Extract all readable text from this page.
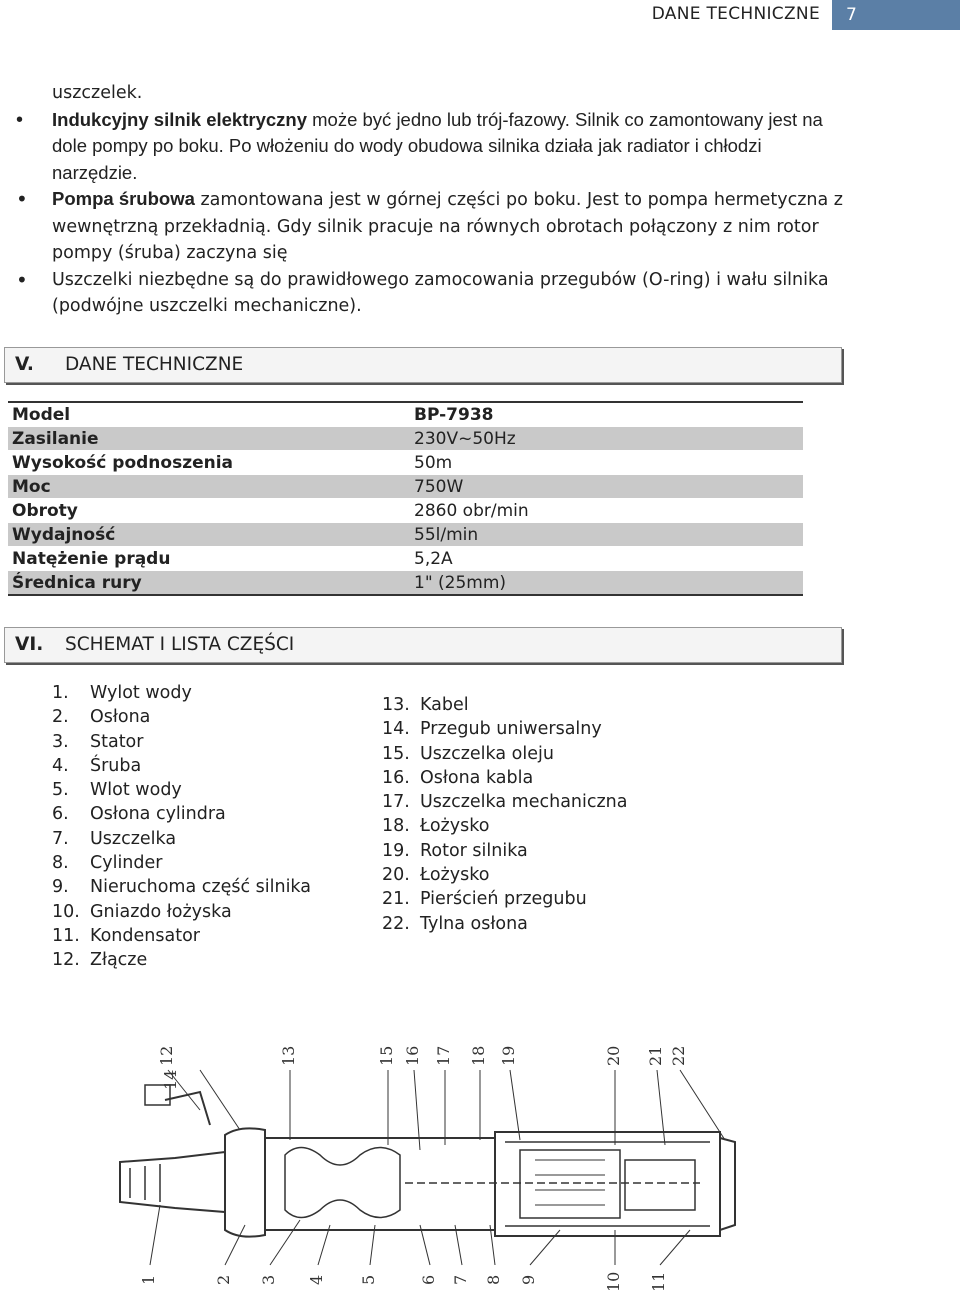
DANE TECHNICZNE	7

uszczelek.

• Indukcyjny silnik elektryczny może być jedno lub trój-fazowy. Silnik co zamontowany jest na dole pompy po boku. Po włożeniu do wody obudowa silnika działa jak radiator i chłodzi narzędzie.

• Pompa śrubowa zamontowana jest w górnej części po boku. Jest to pompa hermetyczna z wewnętrzną przekładnią. Gdy silnik pracuje na równych obrotach połączony z nim rotor pompy (śruba) zaczyna się

• Uszczelki niezbędne są do prawidłowego zamocowania przegubów (O-ring) i wału silnika (podwójne uszczelki mechaniczne).

V. DANE TECHNICZNE
Model	BP-7938
Zasilanie	230V~50Hz
Wysokość podnoszenia	50m
Moc	750W
Obroty	2860 obr/min
Wydajność	55l/min
Natężenie prądu	5,2A
Średnica rury	1" (25mm)
VI. SCHEMAT I LISTA CZĘŚCI
1. Wylot wody
2. Osłona
3. Stator
4. Śruba
5. Wlot wody
6. Osłona cylindra
7. Uszczelka
8. Cylinder
9. Nieruchoma część silnika
10. Gniazdo łożyska
11. Kondensator
12. Złącze
13. Kabel
14. Przegub uniwersalny
15. Uszczelka oleju
16. Osłona kabla
17. Uszczelka mechaniczna
18. Łożysko
19. Rotor silnika
20. Łożysko
21. Pierścień przegubu
22. Tylna osłona
12
14
13	15 16 17 18 19	20 21 22
1	2 3 4 5	6 7 8 9	10 11
